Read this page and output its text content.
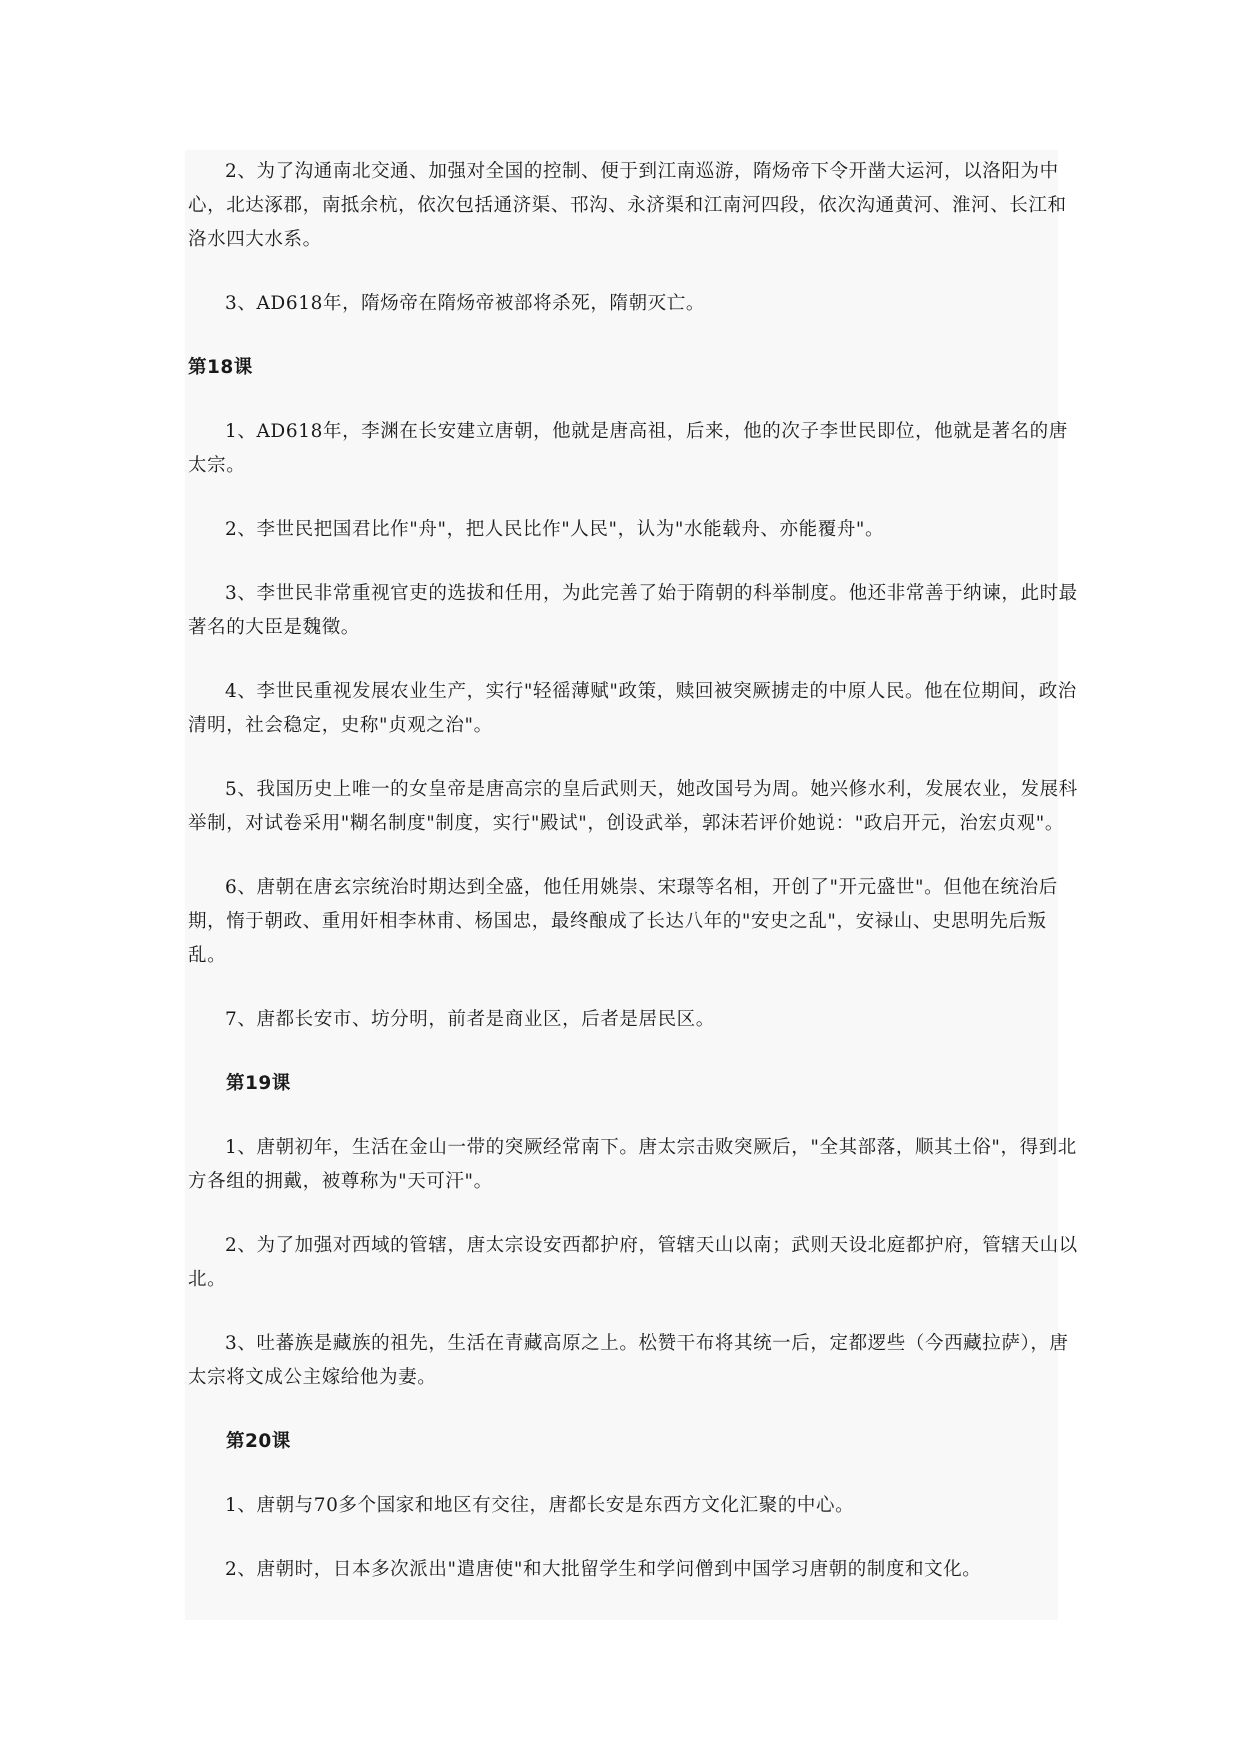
2、为了沟通南北交通、加强对全国的控制、便于到江南巡游，隋炀帝下令开凿大运河，以洛阳为中心，北达涿郡，南抵余杭，依次包括通济渠、邗沟、永济渠和江南河四段，依次沟通黄河、淮河、长江和洛水四大水系。

3、AD618年，隋炀帝在隋炀帝被部将杀死，隋朝灭亡。

第18课

1、AD618年，李渊在长安建立唐朝，他就是唐高祖，后来，他的次子李世民即位，他就是著名的唐太宗。

2、李世民把国君比作"舟"，把人民比作"人民"，认为"水能载舟、亦能覆舟"。

3、李世民非常重视官吏的选拔和任用，为此完善了始于隋朝的科举制度。他还非常善于纳谏，此时最著名的大臣是魏徵。

4、李世民重视发展农业生产，实行"轻徭薄赋"政策，赎回被突厥掳走的中原人民。他在位期间，政治清明，社会稳定，史称"贞观之治"。

5、我国历史上唯一的女皇帝是唐高宗的皇后武则天，她改国号为周。她兴修水利，发展农业，发展科举制，对试卷采用"糊名制度"制度，实行"殿试"，创设武举，郭沫若评价她说："政启开元，治宏贞观"。

6、唐朝在唐玄宗统治时期达到全盛，他任用姚崇、宋璟等名相，开创了"开元盛世"。但他在统治后期，惰于朝政、重用奸相李林甫、杨国忠，最终酿成了长达八年的"安史之乱"，安禄山、史思明先后叛乱。

7、唐都长安市、坊分明，前者是商业区，后者是居民区。

第19课

1、唐朝初年，生活在金山一带的突厥经常南下。唐太宗击败突厥后，"全其部落，顺其土俗"，得到北方各组的拥戴，被尊称为"天可汗"。

2、为了加强对西域的管辖，唐太宗设安西都护府，管辖天山以南；武则天设北庭都护府，管辖天山以北。

3、吐蕃族是藏族的祖先，生活在青藏高原之上。松赞干布将其统一后，定都逻些（今西藏拉萨），唐太宗将文成公主嫁给他为妻。

第20课

1、唐朝与70多个国家和地区有交往，唐都长安是东西方文化汇聚的中心。

2、唐朝时，日本多次派出"遣唐使"和大批留学生和学问僧到中国学习唐朝的制度和文化。
